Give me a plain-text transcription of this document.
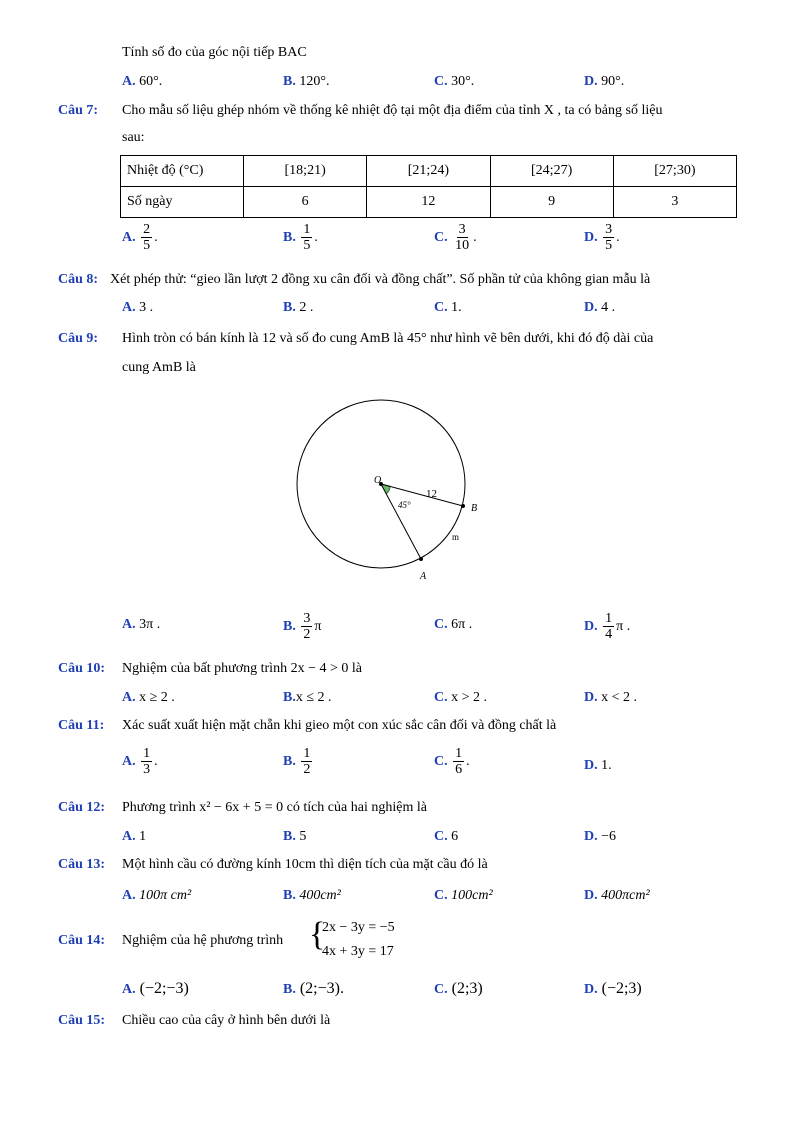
Tính số đo của góc nội tiếp BAC
A. 60°.	B. 120°.	C. 30°.	D. 90°.
Câu 7: Cho mẫu số liệu ghép nhóm về thống kê nhiệt độ tại một địa điểm của tỉnh X , ta có bảng số liệu
sau:
Nhiệt độ (°C)	[18;21)	[21;24)	[24;27)	[27;30)
Số ngày	6	12	9	3
A. $\frac{2}{5}$ .	B. $\frac{1}{5}$ .	C. $\frac{3}{10}$ .	D. $\frac{3}{5}$ .
Câu 8: Xét phép thử: “gieo lần lượt 2 đồng xu cân đối và đồng chất”. Số phần tử của không gian mẫu là
A. 3 .	B. 2 .	C. 1.	D. 4 .
Câu 9: Hình tròn có bán kính là 12 và số đo cung AmB là 45° như hình vẽ bên dưới, khi đó độ dài của
cung AmB là
O
12
45°	B
m
A
A. 3π .	B. $\frac{3}{2}$ π	C. 6π .	D. $\frac{1}{4}$ π .
Câu 10: Nghiệm của bất phương trình 2x − 4 > 0 là
A. x ≥ 2 .	B.x ≤ 2 .	C. x > 2 .	D. x < 2 .
Câu 11: Xác suất xuất hiện mặt chẵn khi gieo một con xúc sắc cân đối và đồng chất là
A. $\frac{1}{3}$ .	B. $\frac{1}{2}$	C. $\frac{1}{6}$ .	D. 1.
Câu 12: Phương trình x² − 6x + 5 = 0 có tích của hai nghiệm là
A. 1	B. 5	C. 6	D. −6
Câu 13: Một hình cầu có đường kính 10cm thì diện tích của mặt cầu đó là
A. 100π cm²	B. 400cm²	C. 100cm²	D. 400πcm²
Câu 14: Nghiệm của hệ phương trình {
2x − 3y = −5
4x + 3y = 17
A. (−2;−3)	B. (2;−3).	C. (2;3)	D. (−2;3)
Câu 15: Chiều cao của cây ở hình bên dưới là
